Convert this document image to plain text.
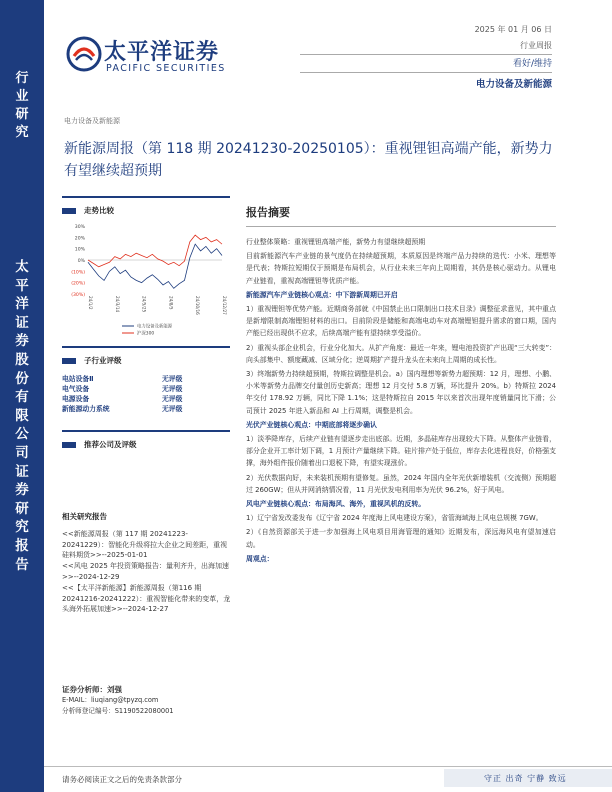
行
业
研
究
太
平
洋
证
券
股
份
有
限
公
司
证
券
研
究
报
告
太平洋证券
PACIFIC SECURITIES
2025 年 01 月 06 日
行业周报
看好/维持
电力设备及新能源
电力设备及新能源
新能源周报（第 118 期 20241230-20250105）：重视锂钽高端产能，新势力有望继续超预期
走势比较
30%
20%
10%
0%
(10%)
(20%)
(30%)
24/1/2	24/3/14	24/5/25	24/8/5	24/10/16	24/12/27
电力设备及新能源
沪深300
子行业评级
电站设备Ⅱ	无评级
电气设备	无评级
电源设备	无评级
新能源动力系统	无评级
推荐公司及评级
相关研究报告

<<新能源周报（第 117 期 20241223-20241229）：智能化升级将拉大企业之间差距，重视硅料期货>>--2025-01-01

<<风电 2025 年投资策略报告：量利齐升，出海加速>>--2024-12-29

<<【太平洋新能源】新能源周报（第116 期 20241216-20241222）：重视智能化带来的变革，龙头海外拓展加速>>--2024-12-27

证券分析师：刘强
E-MAIL：liuqiang@tpyzq.com
分析师登记编号：S1190522080001
报告摘要
行业整体策略：重视锂钽高端产能，新势力有望继续超预期
目前新能源汽车产业链的景气度仍在持续超预期，本质原因是终端产品力持续的迭代：小米、理想等是代表；特斯拉短期仅于预期是布局机会，从行业未来三年向上周期看，其仍是核心驱动力。从锂电产业链看，重视高端锂钽等优质产能。
新能源汽车产业链核心观点：中下游新周期已开启
1）重视锂钽等优势产能。近期商务部就《中国禁止出口限制出口技术目录》调整征求意见，其中重点是新增限制高端锂钽材料的出口。目前阶段是储能和高端电动车对高端锂钽提升需求的窗口期，国内产能已经出现供不应求，后续高端产能有望持续享受溢价。
2）重视头部企业机会，行业分化加大。从扩产角度：最近一年来，锂电池投资扩产出现“三大转变”：向头部集中、额度藏减、区域分化；逆周期扩产提升龙头在未来向上周期的成长性。
3）终端新势力持续超预期，特斯拉调整是机会。a）国内理想等新势力超预期：12 月，理想、小鹏、小米等新势力品牌交付量创历史新高；理想 12 月交付 5.8 万辆，环比提升 20%。b）特斯拉 2024 年交付 178.92 万辆，同比下降 1.1%；这是特斯拉自 2015 年以来首次出现年度销量同比下滑；公司预计 2025 年进入新品和 AI 上行周期，调整是机会。
光伏产业链核心观点：中期底部将逐步确认
1）淡季降库存，后续产业链有望逐步走出底部。近期，多晶硅库存出现较大下降。从整体产业链看，部分企业开工率计划下调，1 月预计产量继续下降。硅片排产处于低位，库存去化进程良好，价格强支撑，海外组件报价随着出口退税下降，有望实现涨价。
2）光伏数据向好，未来装机预期有望修复。虽然，2024 年国内全年光伏新增装机（交流侧）预期超过 260GW；但从并网消纳情况看，11 月光伏发电利用率为光伏 96.2%，好于风电。
风电产业链核心观点：布局海风、海外，重视风机的反转。
1）辽宁省发改委发布《辽宁省 2024 年度海上风电建设方案》，省管海域海上风电总规模 7GW。
2）《自然资源部关于进一步加强海上风电项目用海管理的通知》近期发布，深远海风电有望加速启动。
周观点：
请务必阅读正文之后的免责条款部分	守正 出奇 宁静 致远
